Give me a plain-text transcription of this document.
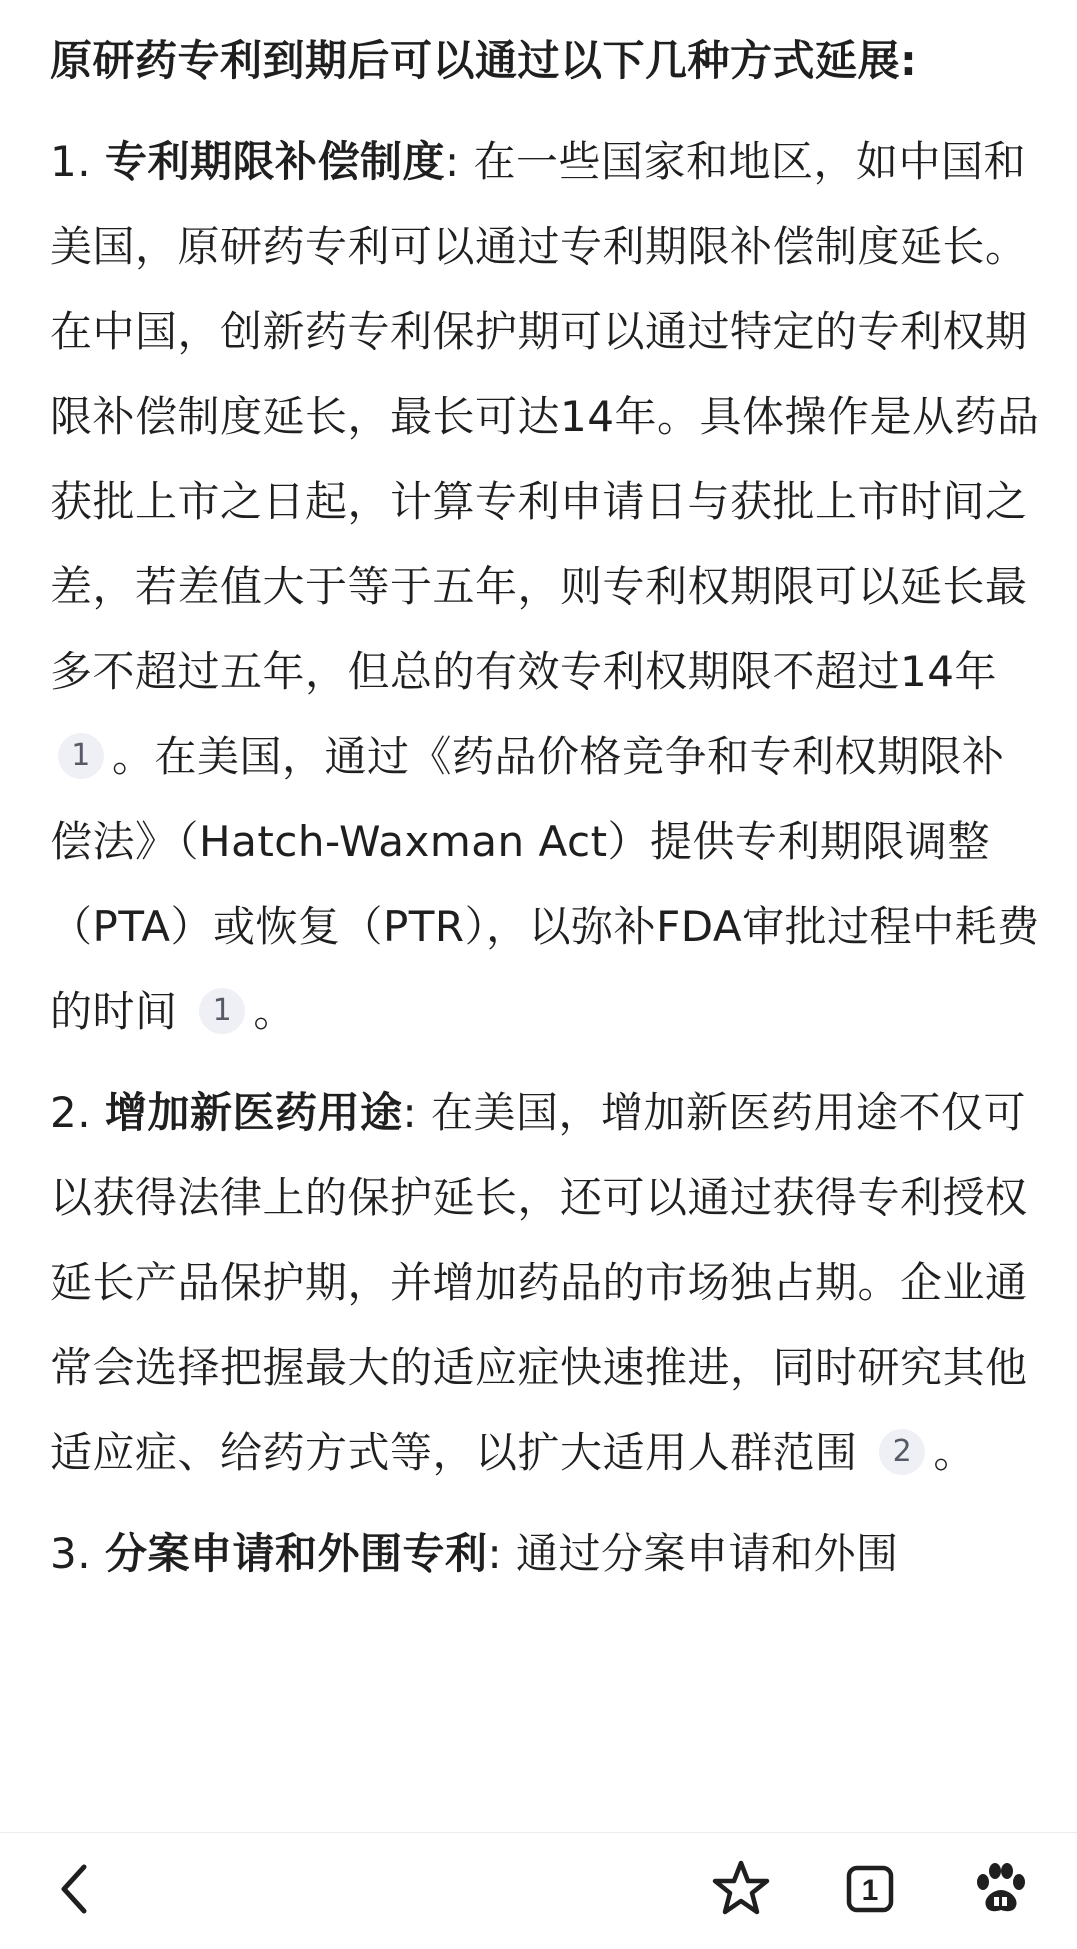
原研药专利到期后可以通过以下几种方式延展:

1. 专利期限补偿制度: 在一些国家和地区，如中国和美国，原研药专利可以通过专利期限补偿制度延长。在中国，创新药专利保护期可以通过特定的专利权期限补偿制度延长，最长可达14年。具体操作是从药品获批上市之日起，计算专利申请日与获批上市时间之差，若差值大于等于五年，则专利权期限可以延长最多不超过五年，但总的有效专利权期限不超过14年 1 。在美国，通过《药品价格竞争和专利权期限补偿法》（Hatch-Waxman Act）提供专利期限调整（PTA）或恢复（PTR），以弥补FDA审批过程中耗费的时间 1 。

2. 增加新医药用途: 在美国，增加新医药用途不仅可以获得法律上的保护延长，还可以通过获得专利授权延长产品保护期，并增加药品的市场独占期。企业通常会选择把握最大的适应症快速推进，同时研究其他适应症、给药方式等，以扩大适用人群范围 2 。

3. 分案申请和外围专利: 通过分案申请和外围

1
